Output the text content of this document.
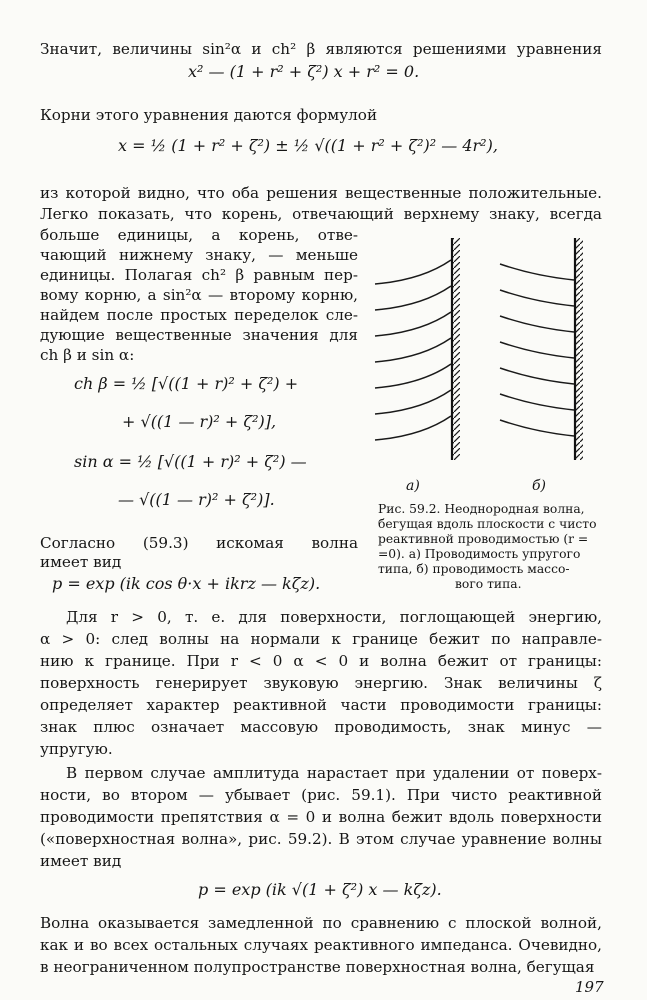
Значит, величины sin²α и ch² β являются решениями уравнения
x² — (1 + r² + ζ²) x + r² = 0.
Корни этого уравнения даются формулой
x = ½ (1 + r² + ζ²) ± ½ √((1 + r² + ζ²)² — 4r²),
из которой видно, что оба решения вещественные положительные.
Легко показать, что корень, отвечающий верхнему знаку, всегда
больше единицы, а корень, отве-
чающий нижнему знаку, — меньше
единицы. Полагая ch² β равным пер-
вому корню, а sin²α — второму корню,
найдем после простых переделок сле-
дующие вещественные значения для
ch β и sin α:
ch β = ½ [√((1 + r)² + ζ²) +
+ √((1 — r)² + ζ²)],
sin α = ½ [√((1 + r)² + ζ²) —
— √((1 — r)² + ζ²)].
Согласно (59.3) искомая волна
имеет вид
p = exp (ik cos θ·x + ikrz — kζz).
а)	б)
Рис. 59.2. Неоднородная волна,
бегущая вдоль плоскости с чисто
реактивной проводимостью (r =
=0). а) Проводимость упругого
типа, б) проводимость массо-
вого типа.
Для r > 0, т. е. для поверхности, поглощающей энергию,
α > 0: след волны на нормали к границе бежит по направле-
нию к границе. При r < 0 α < 0 и волна бежит от границы:
поверхность генерирует звуковую энергию. Знак величины ζ
определяет характер реактивной части проводимости границы:
знак плюс означает массовую проводимость, знак минус —
упругую.
В первом случае амплитуда нарастает при удалении от поверх-
ности, во втором — убывает (рис. 59.1). При чисто реактивной
проводимости препятствия α = 0 и волна бежит вдоль поверхности
(«поверхностная волна», рис. 59.2). В этом случае уравнение волны
имеет вид
p = exp (ik √(1 + ζ²) x — kζz).
Волна оказывается замедленной по сравнению с плоской волной,
как и во всех остальных случаях реактивного импеданса. Очевидно,
в неограниченном полупространстве поверхностная волна, бегущая
197
